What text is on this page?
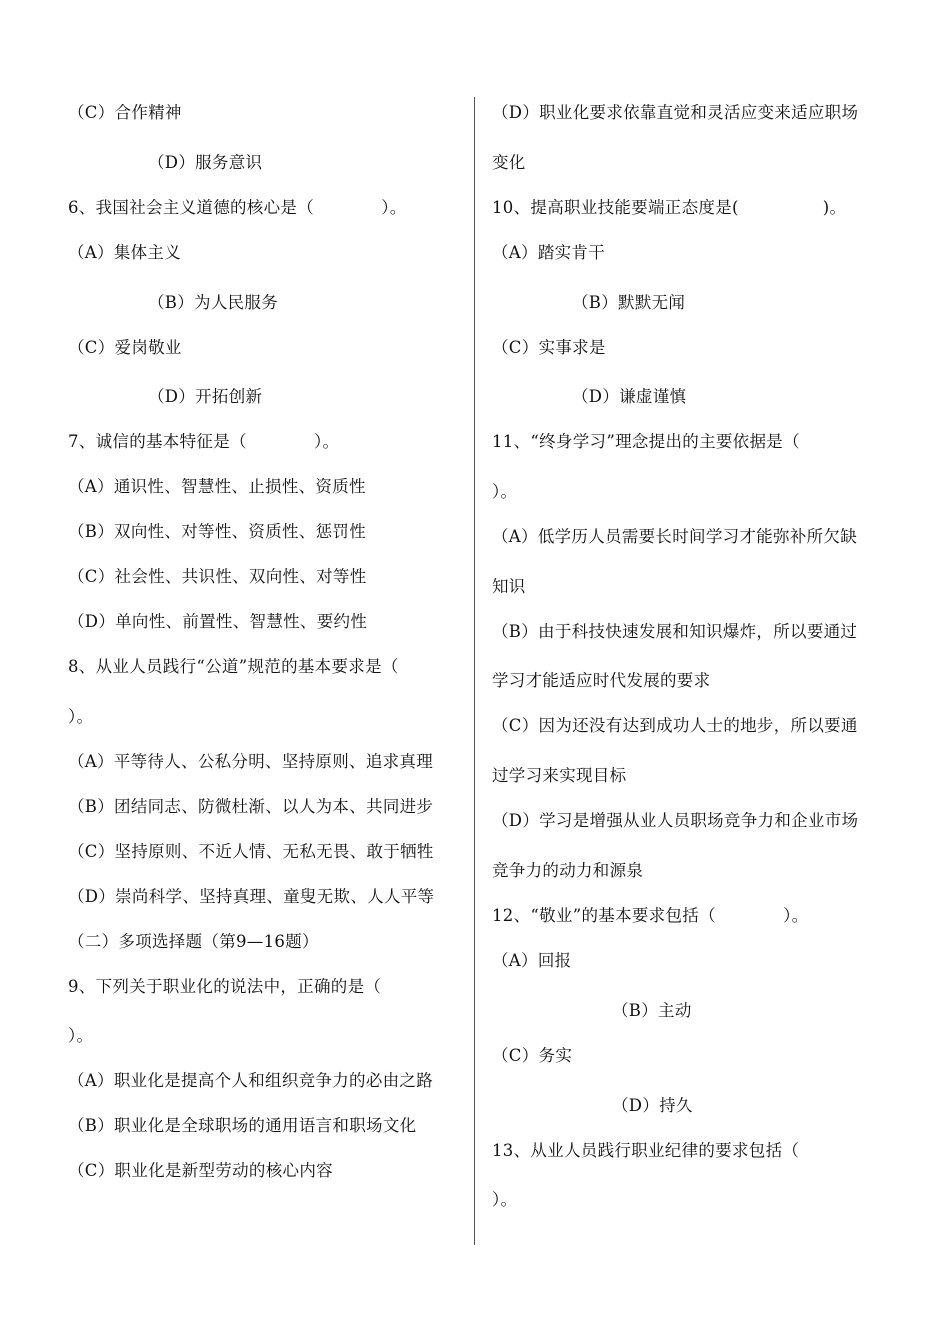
（C）合作精神
（D）服务意识
6、我国社会主义道德的核心是（　　　　）。
（A）集体主义
（B）为人民服务
（C）爱岗敬业
（D）开拓创新
7、诚信的基本特征是（　　　　）。
（A）通识性、智慧性、止损性、资质性
（B）双向性、对等性、资质性、惩罚性
（C）社会性、共识性、双向性、对等性
（D）单向性、前置性、智慧性、要约性
8、从业人员践行“公道”规范的基本要求是（
）。
（A）平等待人、公私分明、坚持原则、追求真理
（B）团结同志、防微杜渐、以人为本、共同进步
（C）坚持原则、不近人情、无私无畏、敢于牺牲
（D）崇尚科学、坚持真理、童叟无欺、人人平等
（二）多项选择题（第9—16题）
9、下列关于职业化的说法中，正确的是（
）。
（A）职业化是提高个人和组织竞争力的必由之路
（B）职业化是全球职场的通用语言和职场文化
（C）职业化是新型劳动的核心内容
（D）职业化要求依靠直觉和灵活应变来适应职场
变化
10、提高职业技能要端正态度是(　　　　　)。
（A）踏实肯干
（B）默默无闻
（C）实事求是
（D）谦虚谨慎
11、“终身学习”理念提出的主要依据是（
）。
（A）低学历人员需要长时间学习才能弥补所欠缺
知识
（B）由于科技快速发展和知识爆炸，所以要通过
学习才能适应时代发展的要求
（C）因为还没有达到成功人士的地步，所以要通
过学习来实现目标
（D）学习是增强从业人员职场竞争力和企业市场
竞争力的动力和源泉
12、“敬业”的基本要求包括（　　　　）。
（A）回报
（B）主动
（C）务实
（D）持久
13、从业人员践行职业纪律的要求包括（
）。
